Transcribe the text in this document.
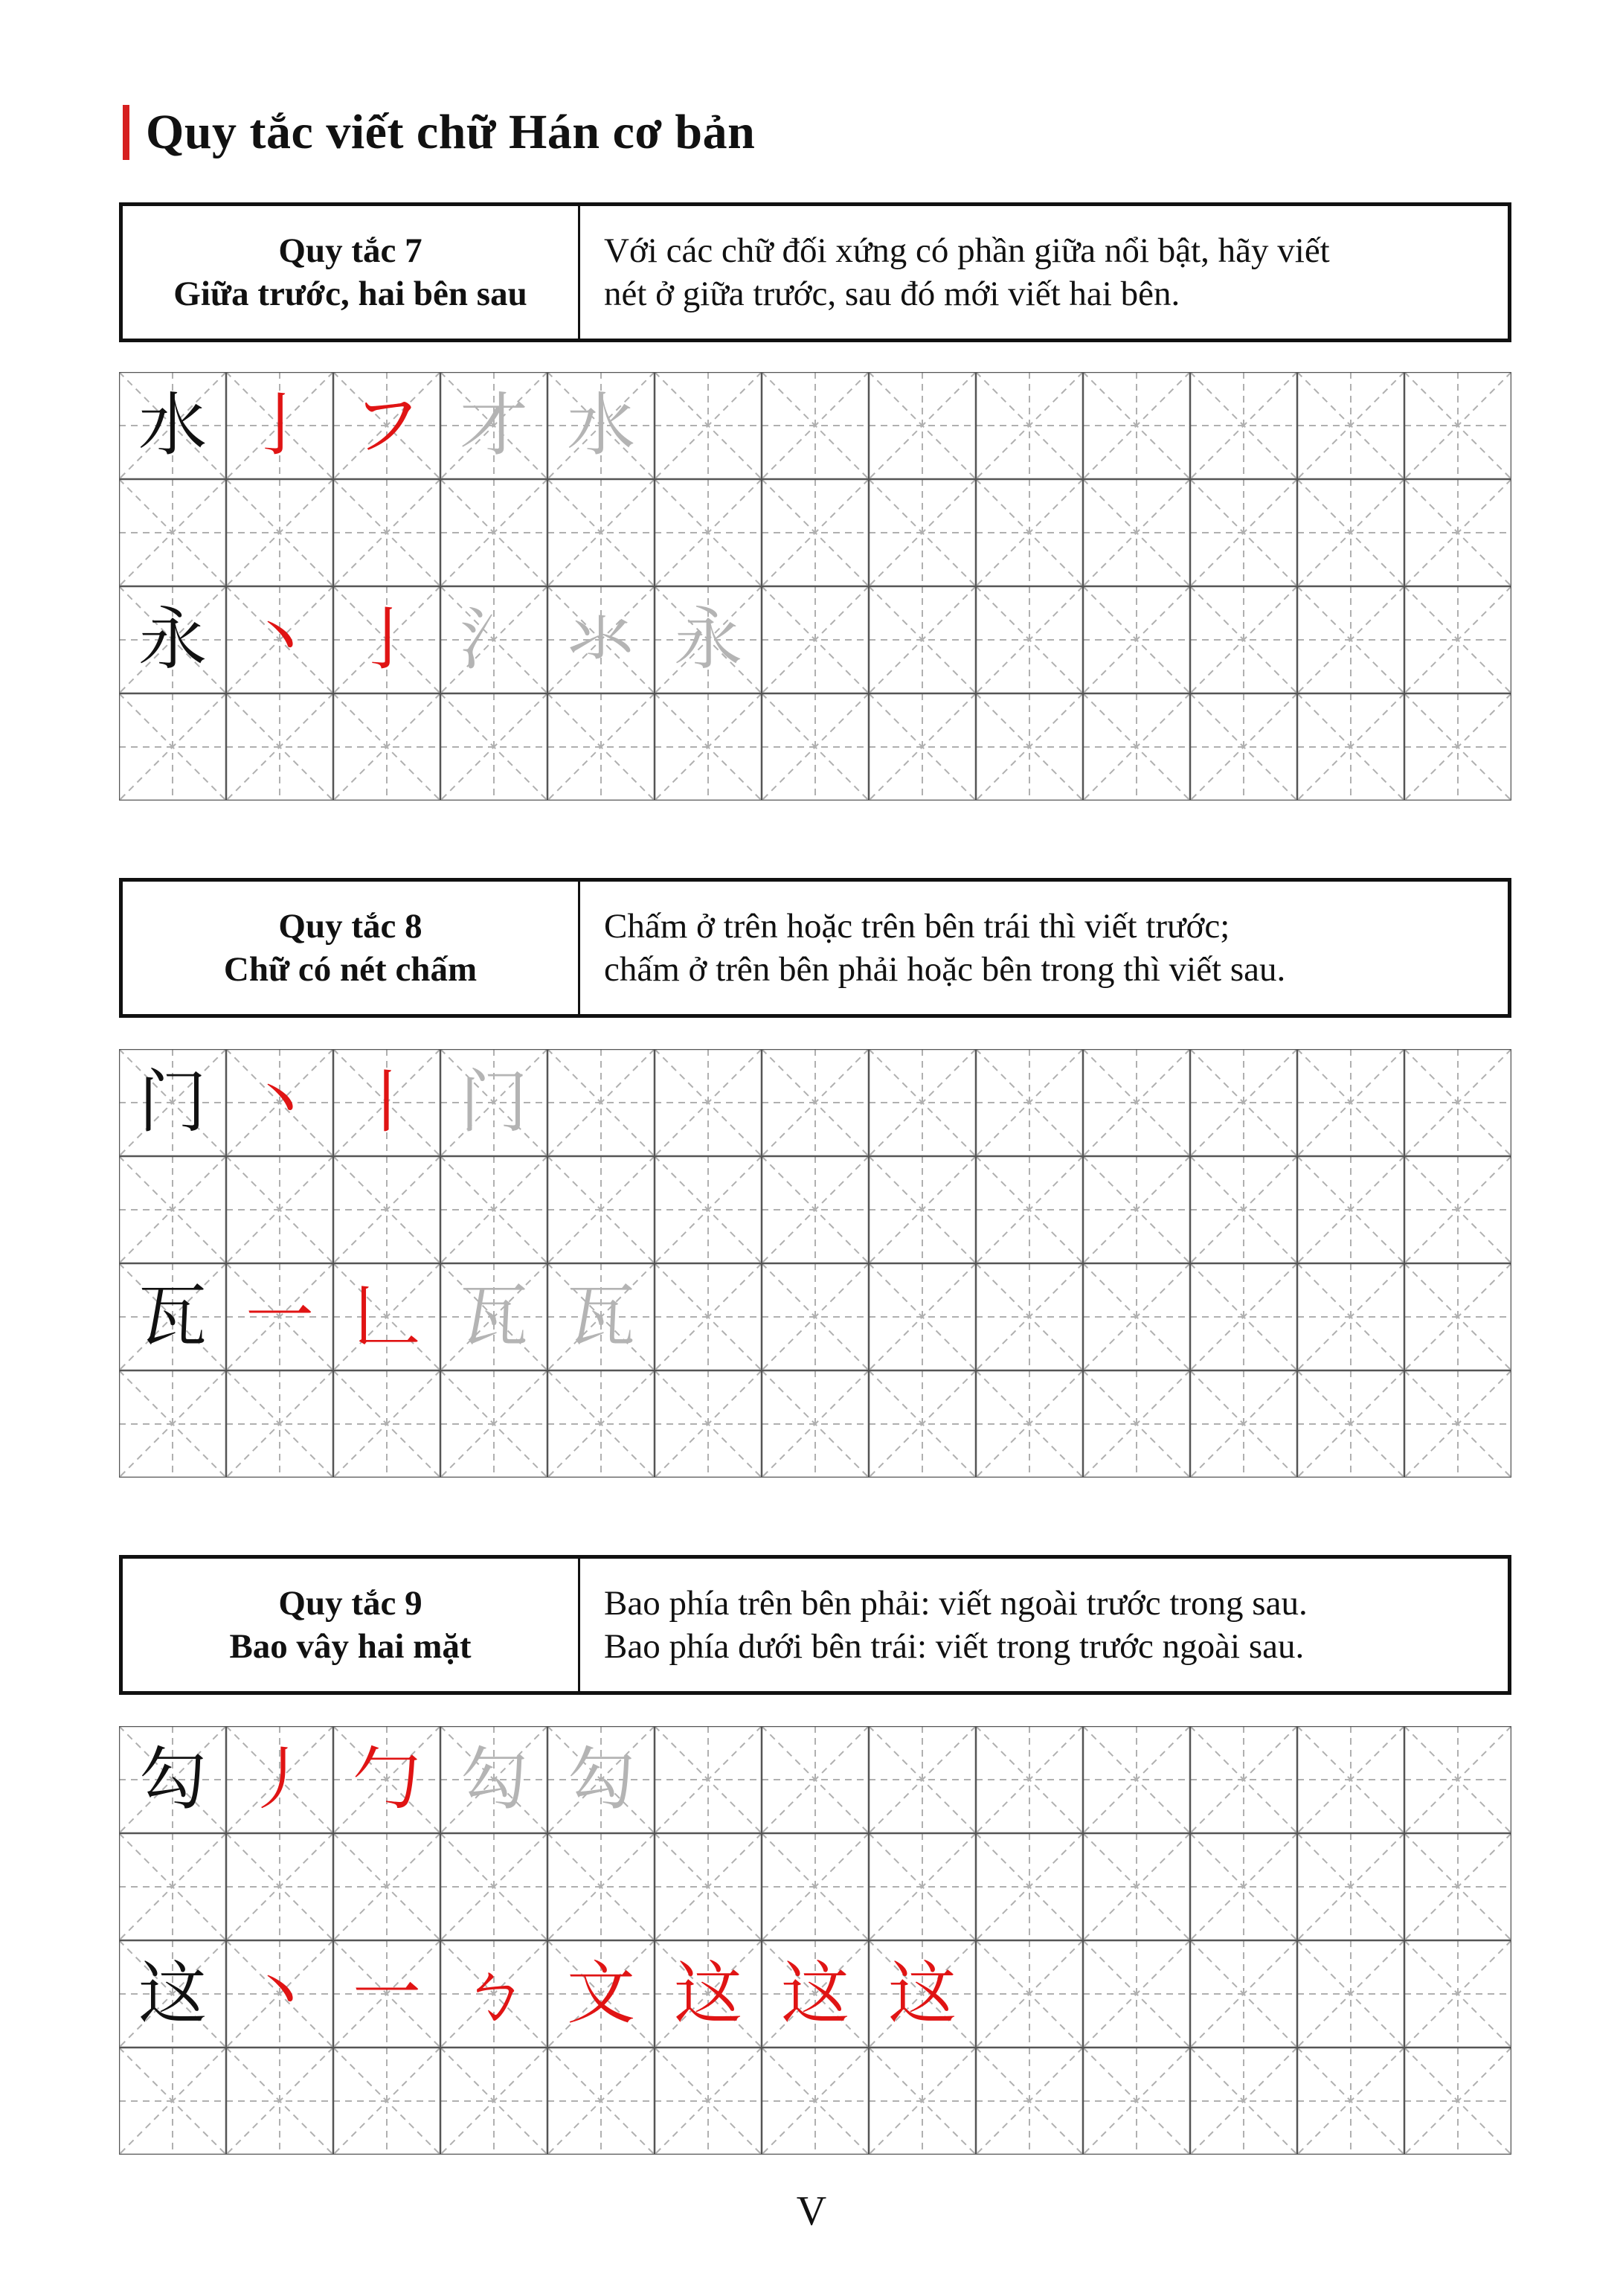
Quy tắc viết chữ Hán cơ bản
Quy tắc 7
Giữa trước, hai bên sau
Với các chữ đối xứng có phần giữa nổi bật, hãy viết
nét ở giữa trước, sau đó mới viết hai bên.
水 亅 フ 才 水
永 丶 亅 氵 氺 永
Quy tắc 8
Chữ có nét chấm
Chấm ở trên hoặc trên bên trái thì viết trước;
chấm ở trên bên phải hoặc bên trong thì viết sau.
门 丶 丨 门
瓦 一 𠃊 瓦 瓦
Quy tắc 9
Bao vây hai mặt
Bao phía trên bên phải: viết ngoài trước trong sau.
Bao phía dưới bên trái: viết trong trước ngoài sau.
勾 丿 勹 勾 勾
这 丶 一 ㄅ 文 这 这 这
V
